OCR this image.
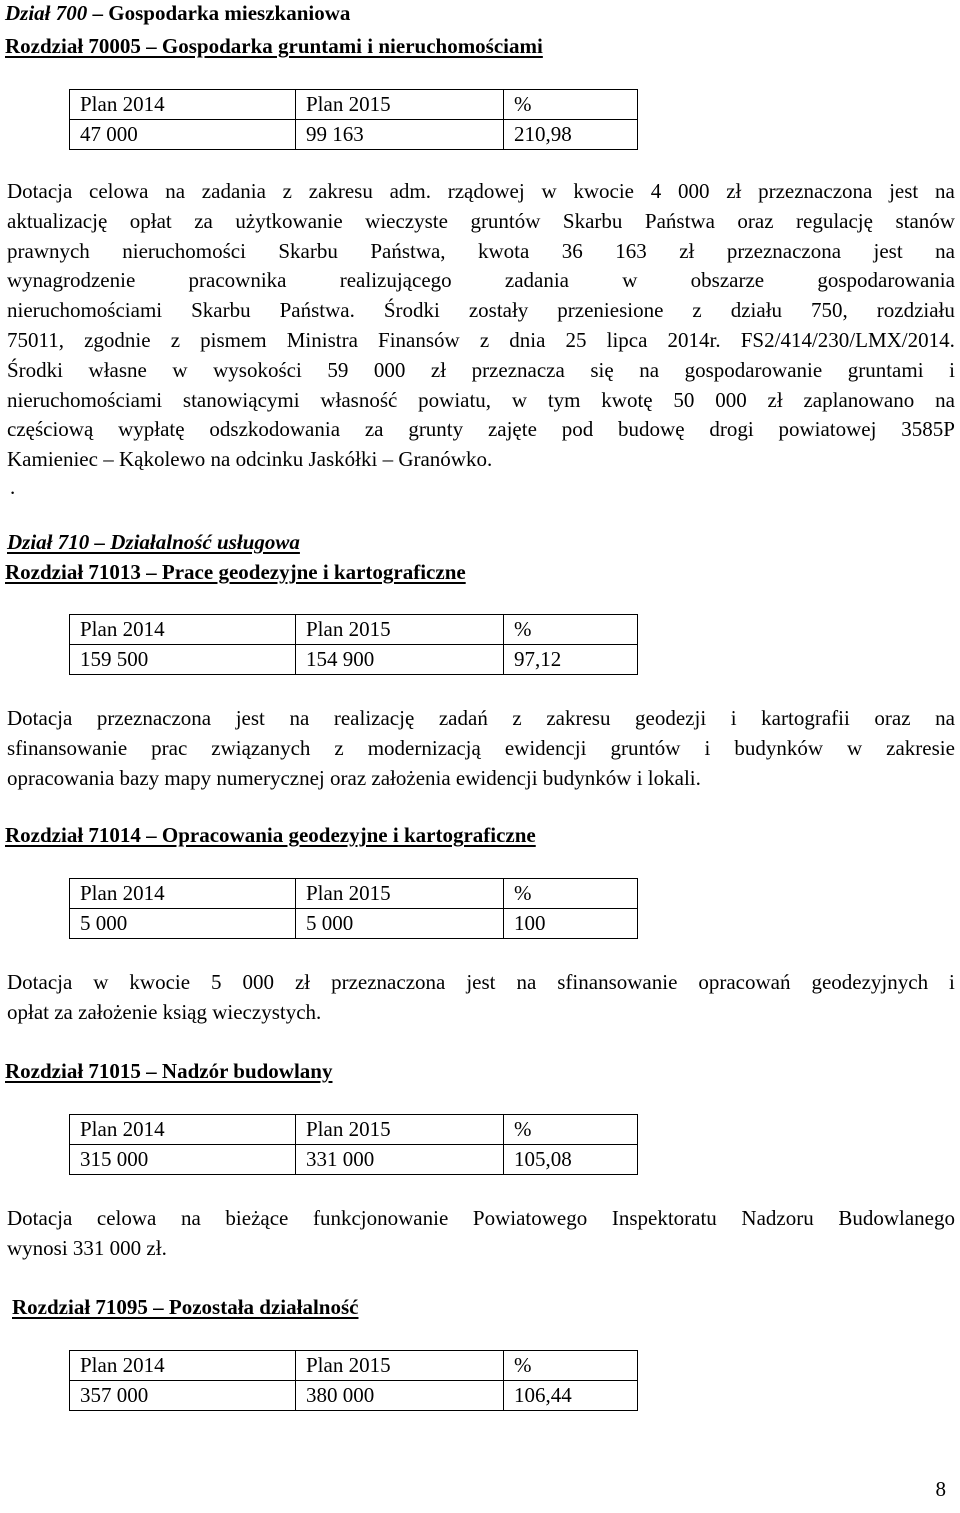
Dział 700 – Gospodarka mieszkaniowa
Rozdział 70005 – Gospodarka gruntami i nieruchomościami
Plan 2014	Plan 2015	%
47 000	99 163	210,98
Dotacja celowa na zadania z zakresu adm. rządowej w kwocie 4 000 zł przeznaczona jest na
aktualizację opłat za użytkowanie wieczyste gruntów Skarbu Państwa oraz regulację stanów
prawnych nieruchomości Skarbu Państwa, kwota 36 163 zł przeznaczona jest na
wynagrodzenie	pracownika	realizującego	zadania	w	obszarze	gospodarowania
nieruchomościami Skarbu Państwa. Środki zostały przeniesione z działu 750, rozdziału
75011, zgodnie z pismem Ministra Finansów z dnia 25 lipca 2014r. FS2/414/230/LMX/2014.
Środki własne w wysokości 59 000 zł przeznacza się na gospodarowanie gruntami i
nieruchomościami stanowiącymi własność powiatu, w tym kwotę 50 000 zł zaplanowano na
częściową wypłatę odszkodowania za grunty zajęte pod budowę drogi powiatowej 3585P
Kamieniec – Kąkolewo na odcinku Jaskółki – Granówko.
.
Dział 710 – Działalność usługowa
Rozdział 71013 – Prace geodezyjne i kartograficzne
Plan 2014	Plan 2015	%
159 500	154 900	97,12
Dotacja przeznaczona jest na realizację zadań z zakresu geodezji i kartografii oraz na
sfinansowanie prac związanych z modernizacją ewidencji gruntów i budynków w zakresie
opracowania bazy mapy numerycznej oraz założenia ewidencji budynków i lokali.
Rozdział 71014 – Opracowania geodezyjne i kartograficzne
Plan 2014	Plan 2015	%
5 000	5 000	100
Dotacja w kwocie 5 000 zł przeznaczona jest na sfinansowanie opracowań geodezyjnych i
opłat za założenie ksiąg wieczystych.
Rozdział 71015 – Nadzór budowlany
Plan 2014	Plan 2015	%
315 000	331 000	105,08
Dotacja celowa na bieżące funkcjonowanie Powiatowego Inspektoratu Nadzoru Budowlanego
wynosi 331 000 zł.
Rozdział 71095 – Pozostała działalność
Plan 2014	Plan 2015	%
357 000	380 000	106,44
8
